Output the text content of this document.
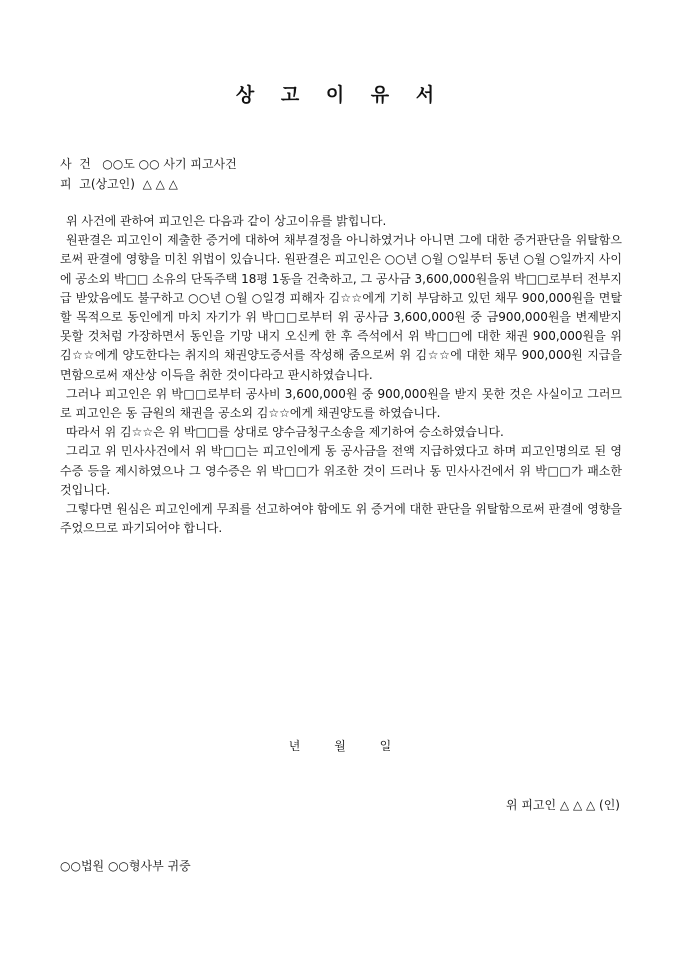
상 고 이 유 서
사  건   ○○도 ○○ 사기 피고사건
피  고(상고인)  △ △ △

위 사건에 관하여 피고인은 다음과 같이 상고이유를 밝힙니다.

원판결은 피고인이 제출한 증거에 대하여 채부결정을 아니하였거나 아니면 그에 대한 증거판단을 위탈함으로써 판결에 영향을 미친 위법이 있습니다. 원판결은 피고인은 ○○년 ○월 ○일부터 동년 ○월 ○일까지 사이에 공소외 박□□ 소유의 단독주택 18평 1동을 건축하고, 그 공사금 3,600,000원을위 박□□로부터 전부지급 받았음에도 불구하고 ○○년 ○월 ○일경 피해자 김☆☆에게 기히 부담하고 있던 채무 900,000원을 면탈할 목적으로 동인에게 마치 자기가 위 박□□로부터 위 공사금 3,600,000원 중 금900,000원을 변제받지 못할 것처럼 가장하면서 동인을 기망 내지 오신케 한 후 즉석에서 위 박□□에 대한 채권 900,000원을 위 김☆☆에게 양도한다는 취지의 채권양도증서를 작성해 줌으로써 위 김☆☆에 대한 채무 900,000원 지급을 면함으로써 재산상 이득을 취한 것이다라고 판시하였습니다.

그러나 피고인은 위 박□□로부터 공사비 3,600,000원 중 900,000원을 받지 못한 것은 사실이고 그러므로 피고인은 동 금원의 채권을 공소외 김☆☆에게 채권양도를 하였습니다.

따라서 위 김☆☆은 위 박□□를 상대로 양수금청구소송을 제기하여 승소하였습니다.

그리고 위 민사사건에서 위 박□□는 피고인에게 동 공사금을 전액 지급하였다고 하며 피고인명의로 된 영수증 등을 제시하였으나 그 영수증은 위 박□□가 위조한 것이 드러나 동 민사사건에서 위 박□□가 패소한 것입니다.

그렇다면 원심은 피고인에게 무죄를 선고하여야 함에도 위 증거에 대한 판단을 위탈함으로써 판결에 영향을 주었으므로 파기되어야 합니다.

년 월 일
위 피고인 △ △ △ (인)
○○법원 ○○형사부 귀중
